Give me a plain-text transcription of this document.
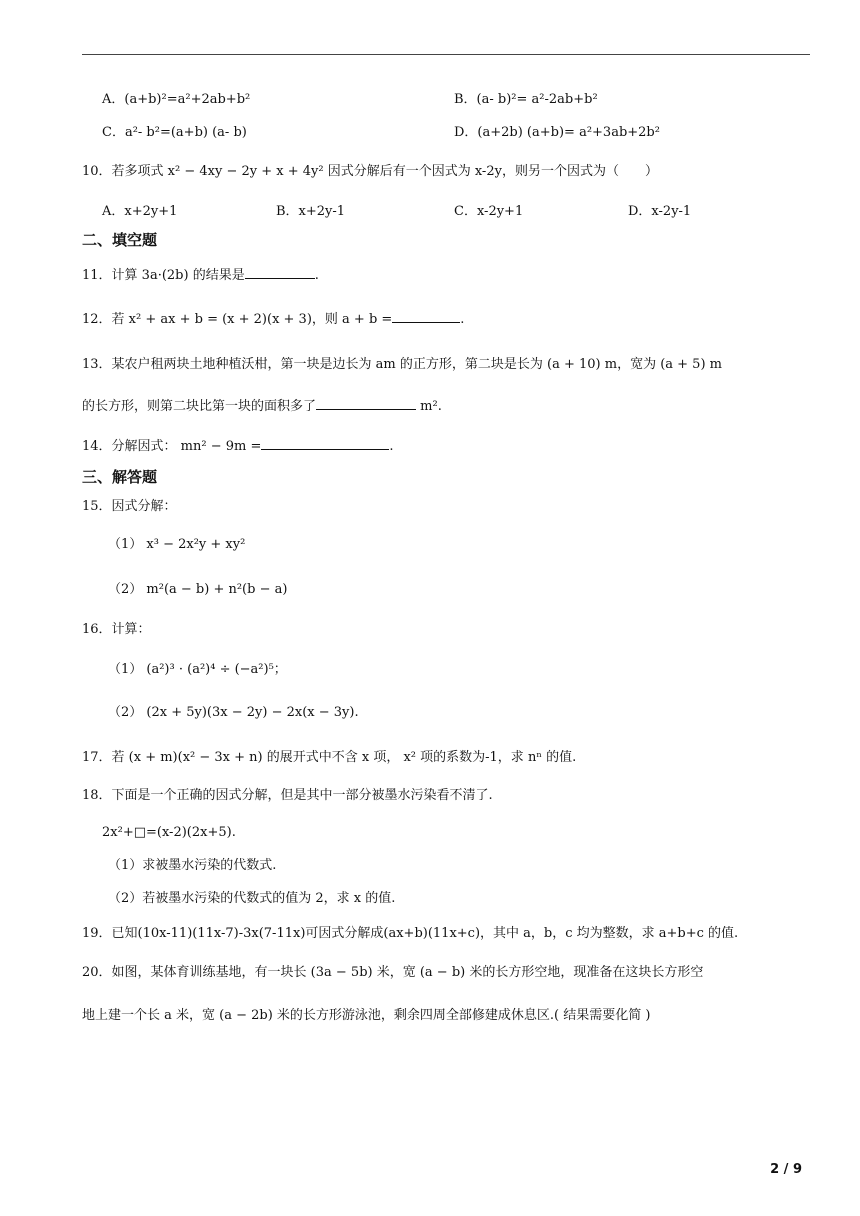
A．(a+b)²=a²+2ab+b²	B．(a- b)²= a²-2ab+b²
C．a²- b²=(a+b) (a- b)	D．(a+2b) (a+b)= a²+3ab+2b²
10．若多项式 x² − 4xy − 2y + x + 4y² 因式分解后有一个因式为 x-2y，则另一个因式为（　　）
A．x+2y+1	B．x+2y-1	C．x-2y+1	D．x-2y-1
二、填空题
11．计算 3a·(2b) 的结果是	.
12．若 x² + ax + b = (x + 2)(x + 3)，则 a + b =	.
13．某农户租两块土地种植沃柑，第一块是边长为 am 的正方形，第二块是长为 (a + 10) m，宽为 (a + 5) m
的长方形，则第二块比第一块的面积多了	m².
14．分解因式： mn² − 9m =	.
三、解答题
15．因式分解：
（1） x³ − 2x²y + xy²
（2） m²(a − b) + n²(b − a)
16．计算：
（1） (a²)³ · (a²)⁴ ÷ (−a²)⁵；
（2） (2x + 5y)(3x − 2y) − 2x(x − 3y).
17．若 (x + m)(x² − 3x + n) 的展开式中不含 x 项， x² 项的系数为-1，求 nⁿ 的值.
18．下面是一个正确的因式分解，但是其中一部分被墨水污染看不清了.
2x²+□=(x-2)(2x+5).
（1）求被墨水污染的代数式.
（2）若被墨水污染的代数式的值为 2，求 x 的值.
19．已知(10x-11)(11x-7)-3x(7-11x)可因式分解成(ax+b)(11x+c)，其中 a，b，c 均为整数，求 a+b+c 的值.
20．如图，某体育训练基地，有一块长 (3a − 5b) 米，宽 (a − b) 米的长方形空地，现准备在这块长方形空
地上建一个长 a 米，宽 (a − 2b) 米的长方形游泳池，剩余四周全部修建成休息区.( 结果需要化简 )
2 / 9
